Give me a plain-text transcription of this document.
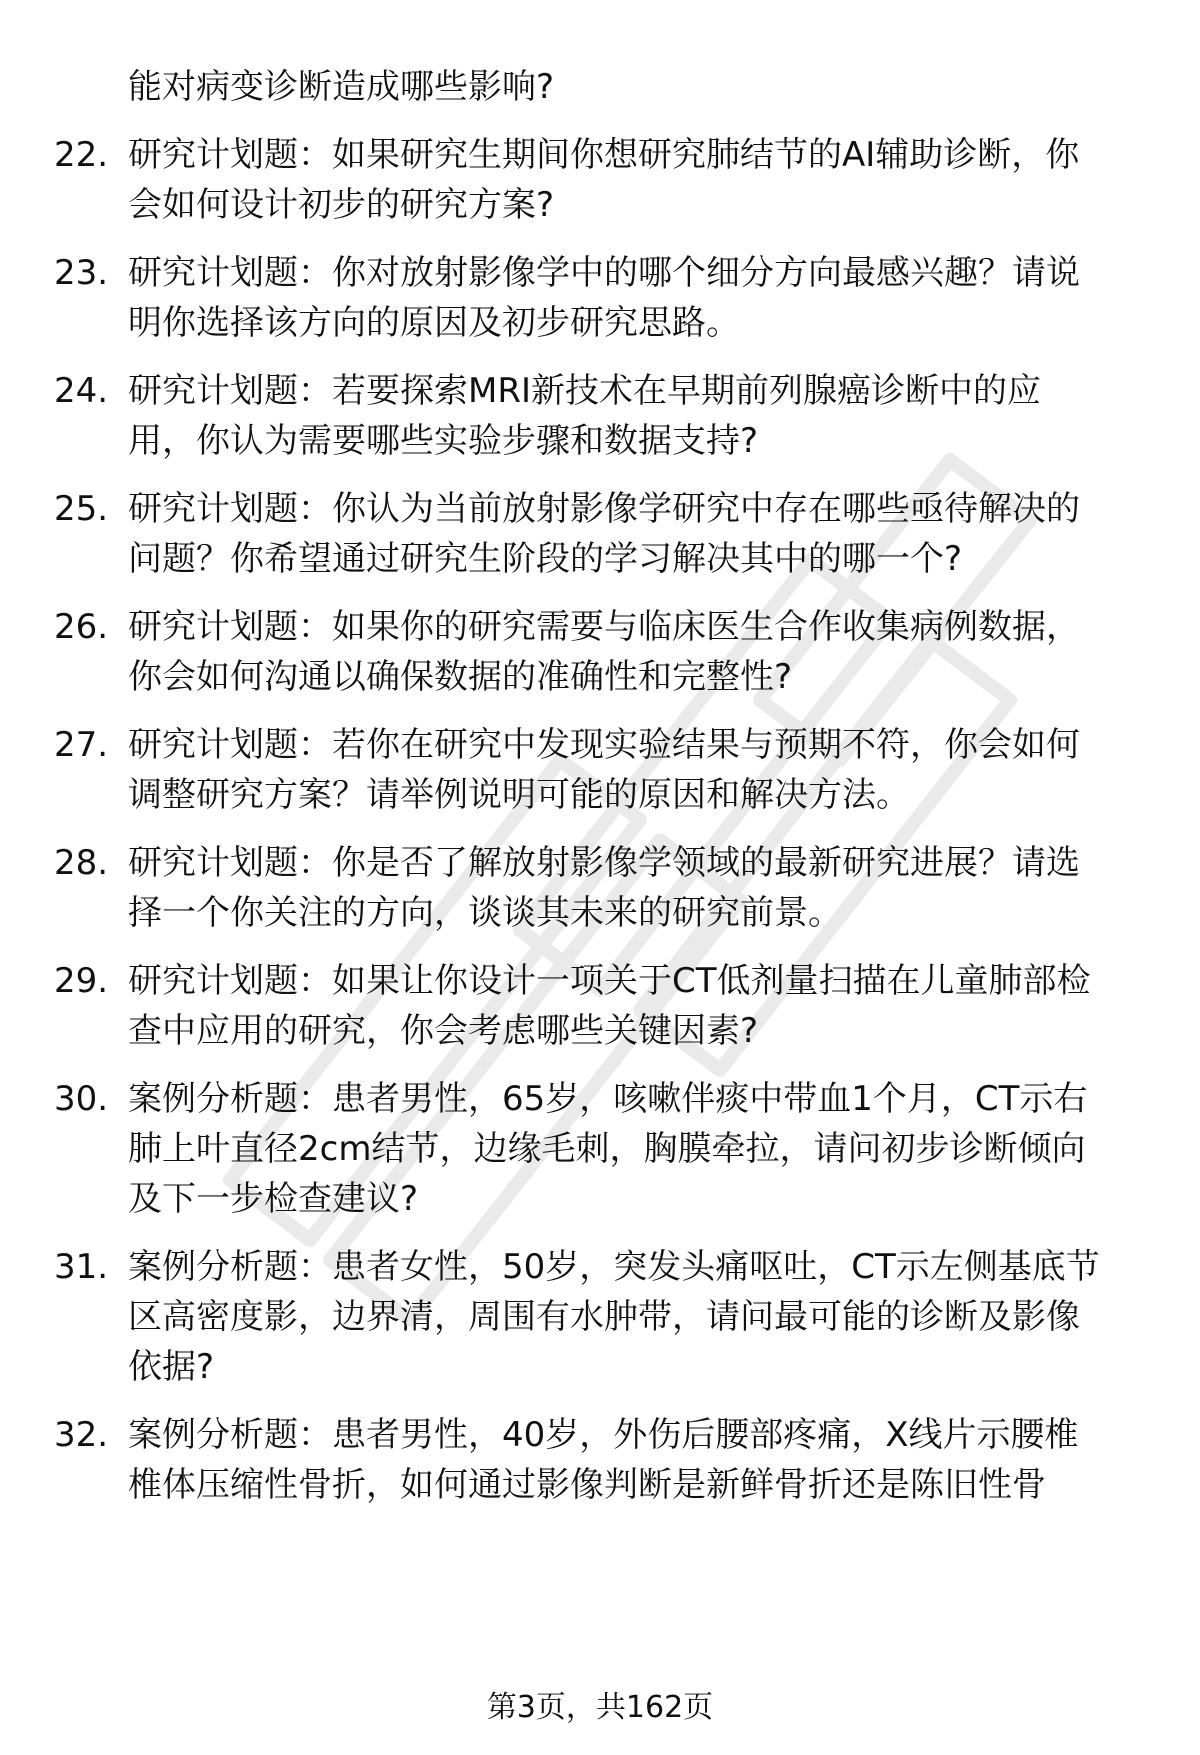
能对病变诊断造成哪些影响?
22. 研究计划题：如果研究生期间你想研究肺结节的AI辅助诊断，你
会如何设计初步的研究方案?
23. 研究计划题：你对放射影像学中的哪个细分方向最感兴趣？请说
明你选择该方向的原因及初步研究思路。
24. 研究计划题：若要探索MRI新技术在早期前列腺癌诊断中的应
用，你认为需要哪些实验步骤和数据支持?
25. 研究计划题：你认为当前放射影像学研究中存在哪些亟待解决的
问题？你希望通过研究生阶段的学习解决其中的哪一个?
26. 研究计划题：如果你的研究需要与临床医生合作收集病例数据，
你会如何沟通以确保数据的准确性和完整性?
27. 研究计划题：若你在研究中发现实验结果与预期不符，你会如何
调整研究方案？请举例说明可能的原因和解决方法。
28. 研究计划题：你是否了解放射影像学领域的最新研究进展？请选
择一个你关注的方向，谈谈其未来的研究前景。
29. 研究计划题：如果让你设计一项关于CT低剂量扫描在儿童肺部检
查中应用的研究，你会考虑哪些关键因素?
30. 案例分析题：患者男性，65岁，咳嗽伴痰中带血1个月，CT示右
肺上叶直径2cm结节，边缘毛刺，胸膜牵拉，请问初步诊断倾向
及下一步检查建议?
31. 案例分析题：患者女性，50岁，突发头痛呕吐，CT示左侧基底节
区高密度影，边界清，周围有水肿带，请问最可能的诊断及影像
依据?
32. 案例分析题：患者男性，40岁，外伤后腰部疼痛，X线片示腰椎
椎体压缩性骨折，如何通过影像判断是新鲜骨折还是陈旧性骨
第3页，共162页
